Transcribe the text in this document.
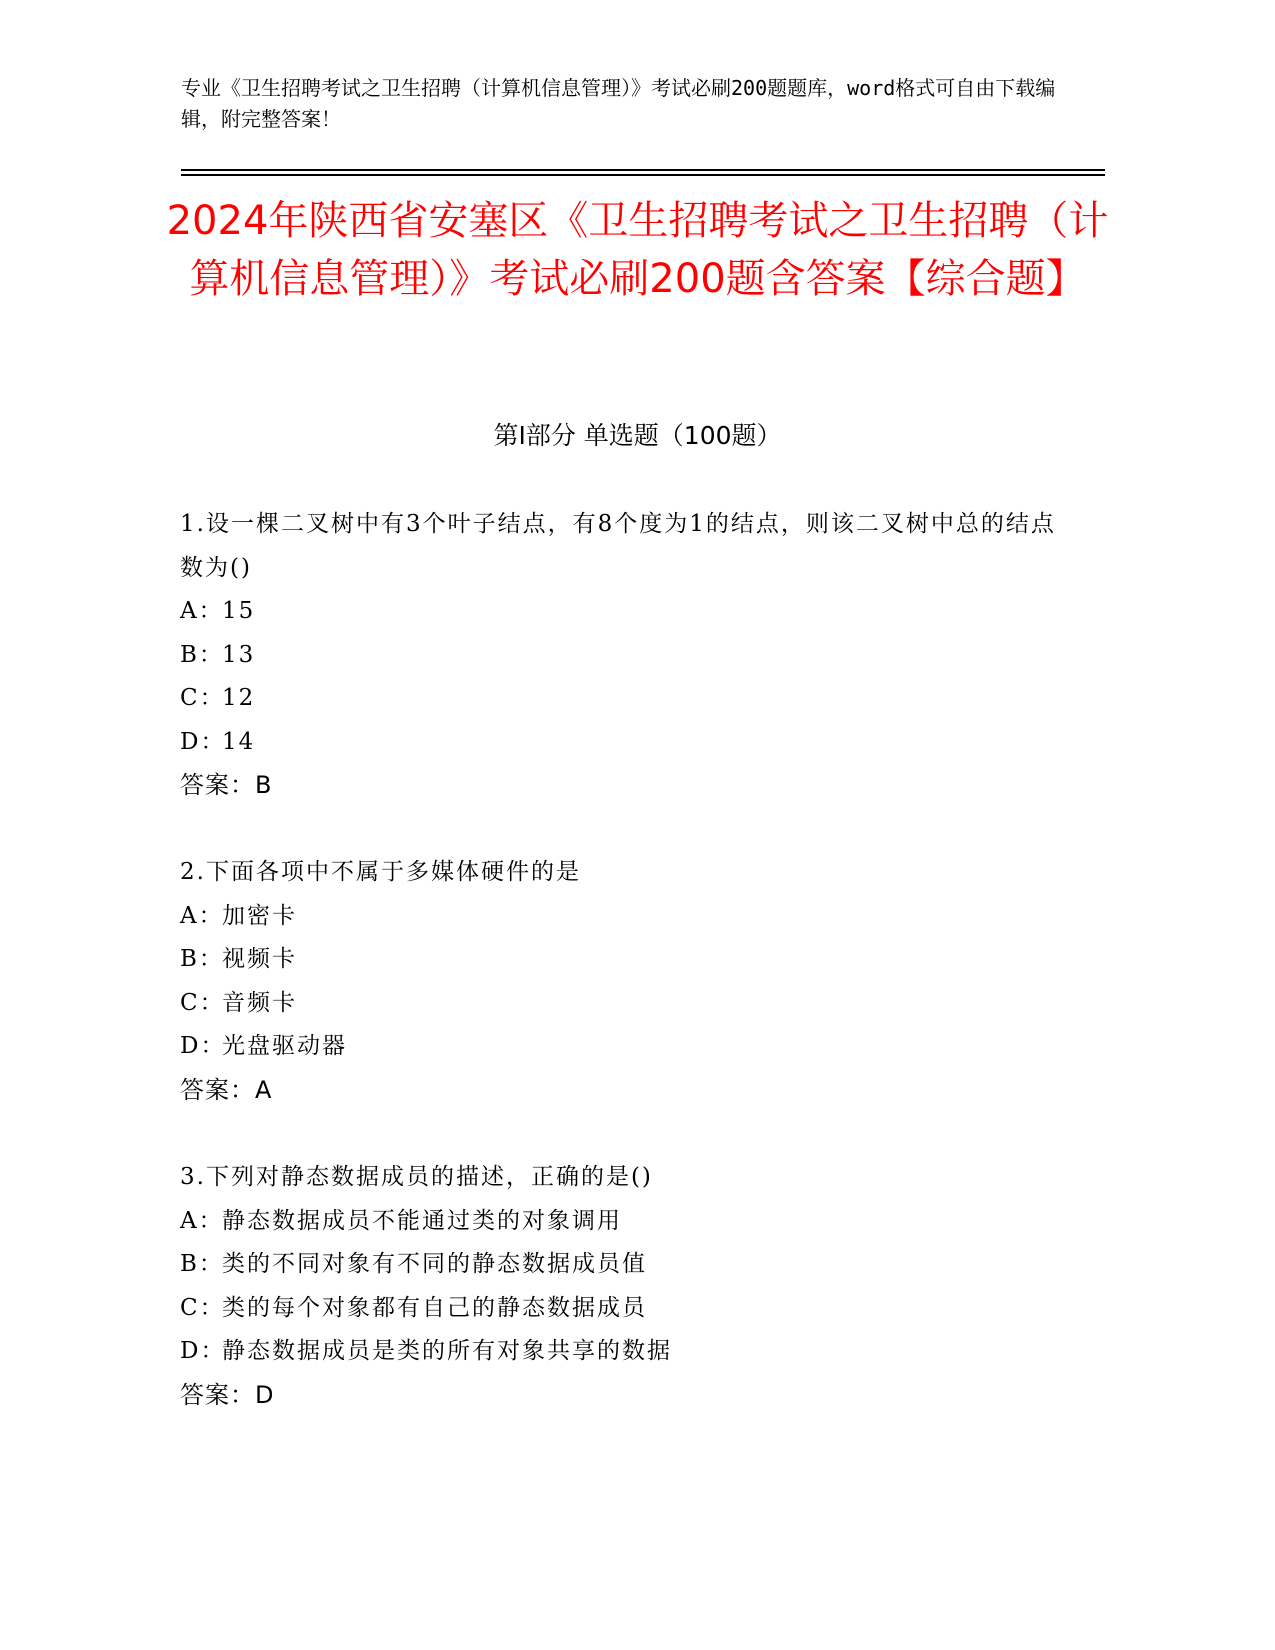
专业《卫生招聘考试之卫生招聘（计算机信息管理）》考试必刷200题题库，word格式可自由下载编辑，附完整答案！
2024年陕西省安塞区《卫生招聘考试之卫生招聘（计算机信息管理）》考试必刷200题含答案【综合题】
第I部分 单选题（100题）

1.设一棵二叉树中有3个叶子结点，有8个度为1的结点，则该二叉树中总的结点数为()

A：15

B：13

C：12

D：14

答案：B

2.下面各项中不属于多媒体硬件的是

A：加密卡

B：视频卡

C：音频卡

D：光盘驱动器

答案：A

3.下列对静态数据成员的描述，正确的是()

A：静态数据成员不能通过类的对象调用

B：类的不同对象有不同的静态数据成员值

C：类的每个对象都有自己的静态数据成员

D：静态数据成员是类的所有对象共享的数据

答案：D
